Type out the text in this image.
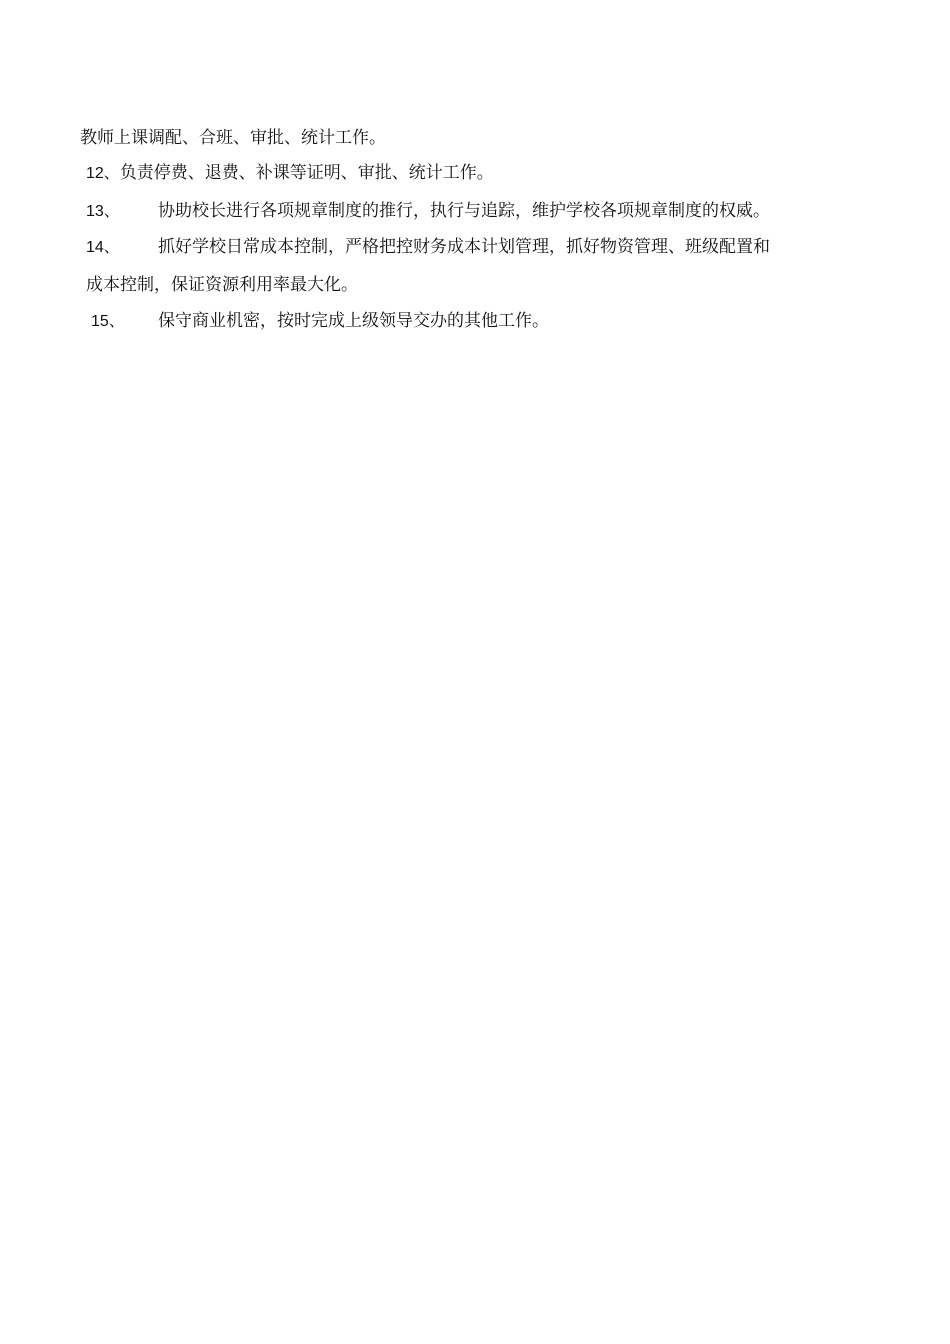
教师上课调配、合班、审批、统计工作。
12、负责停费、退费、补课等证明、审批、统计工作。
13、 协助校长进行各项规章制度的推行，执行与追踪，维护学校各项规章制度的权威。
14、 抓好学校日常成本控制，严格把控财务成本计划管理，抓好物资管理、班级配置和
成本控制，保证资源利用率最大化。
15、 保守商业机密，按时完成上级领导交办的其他工作。
